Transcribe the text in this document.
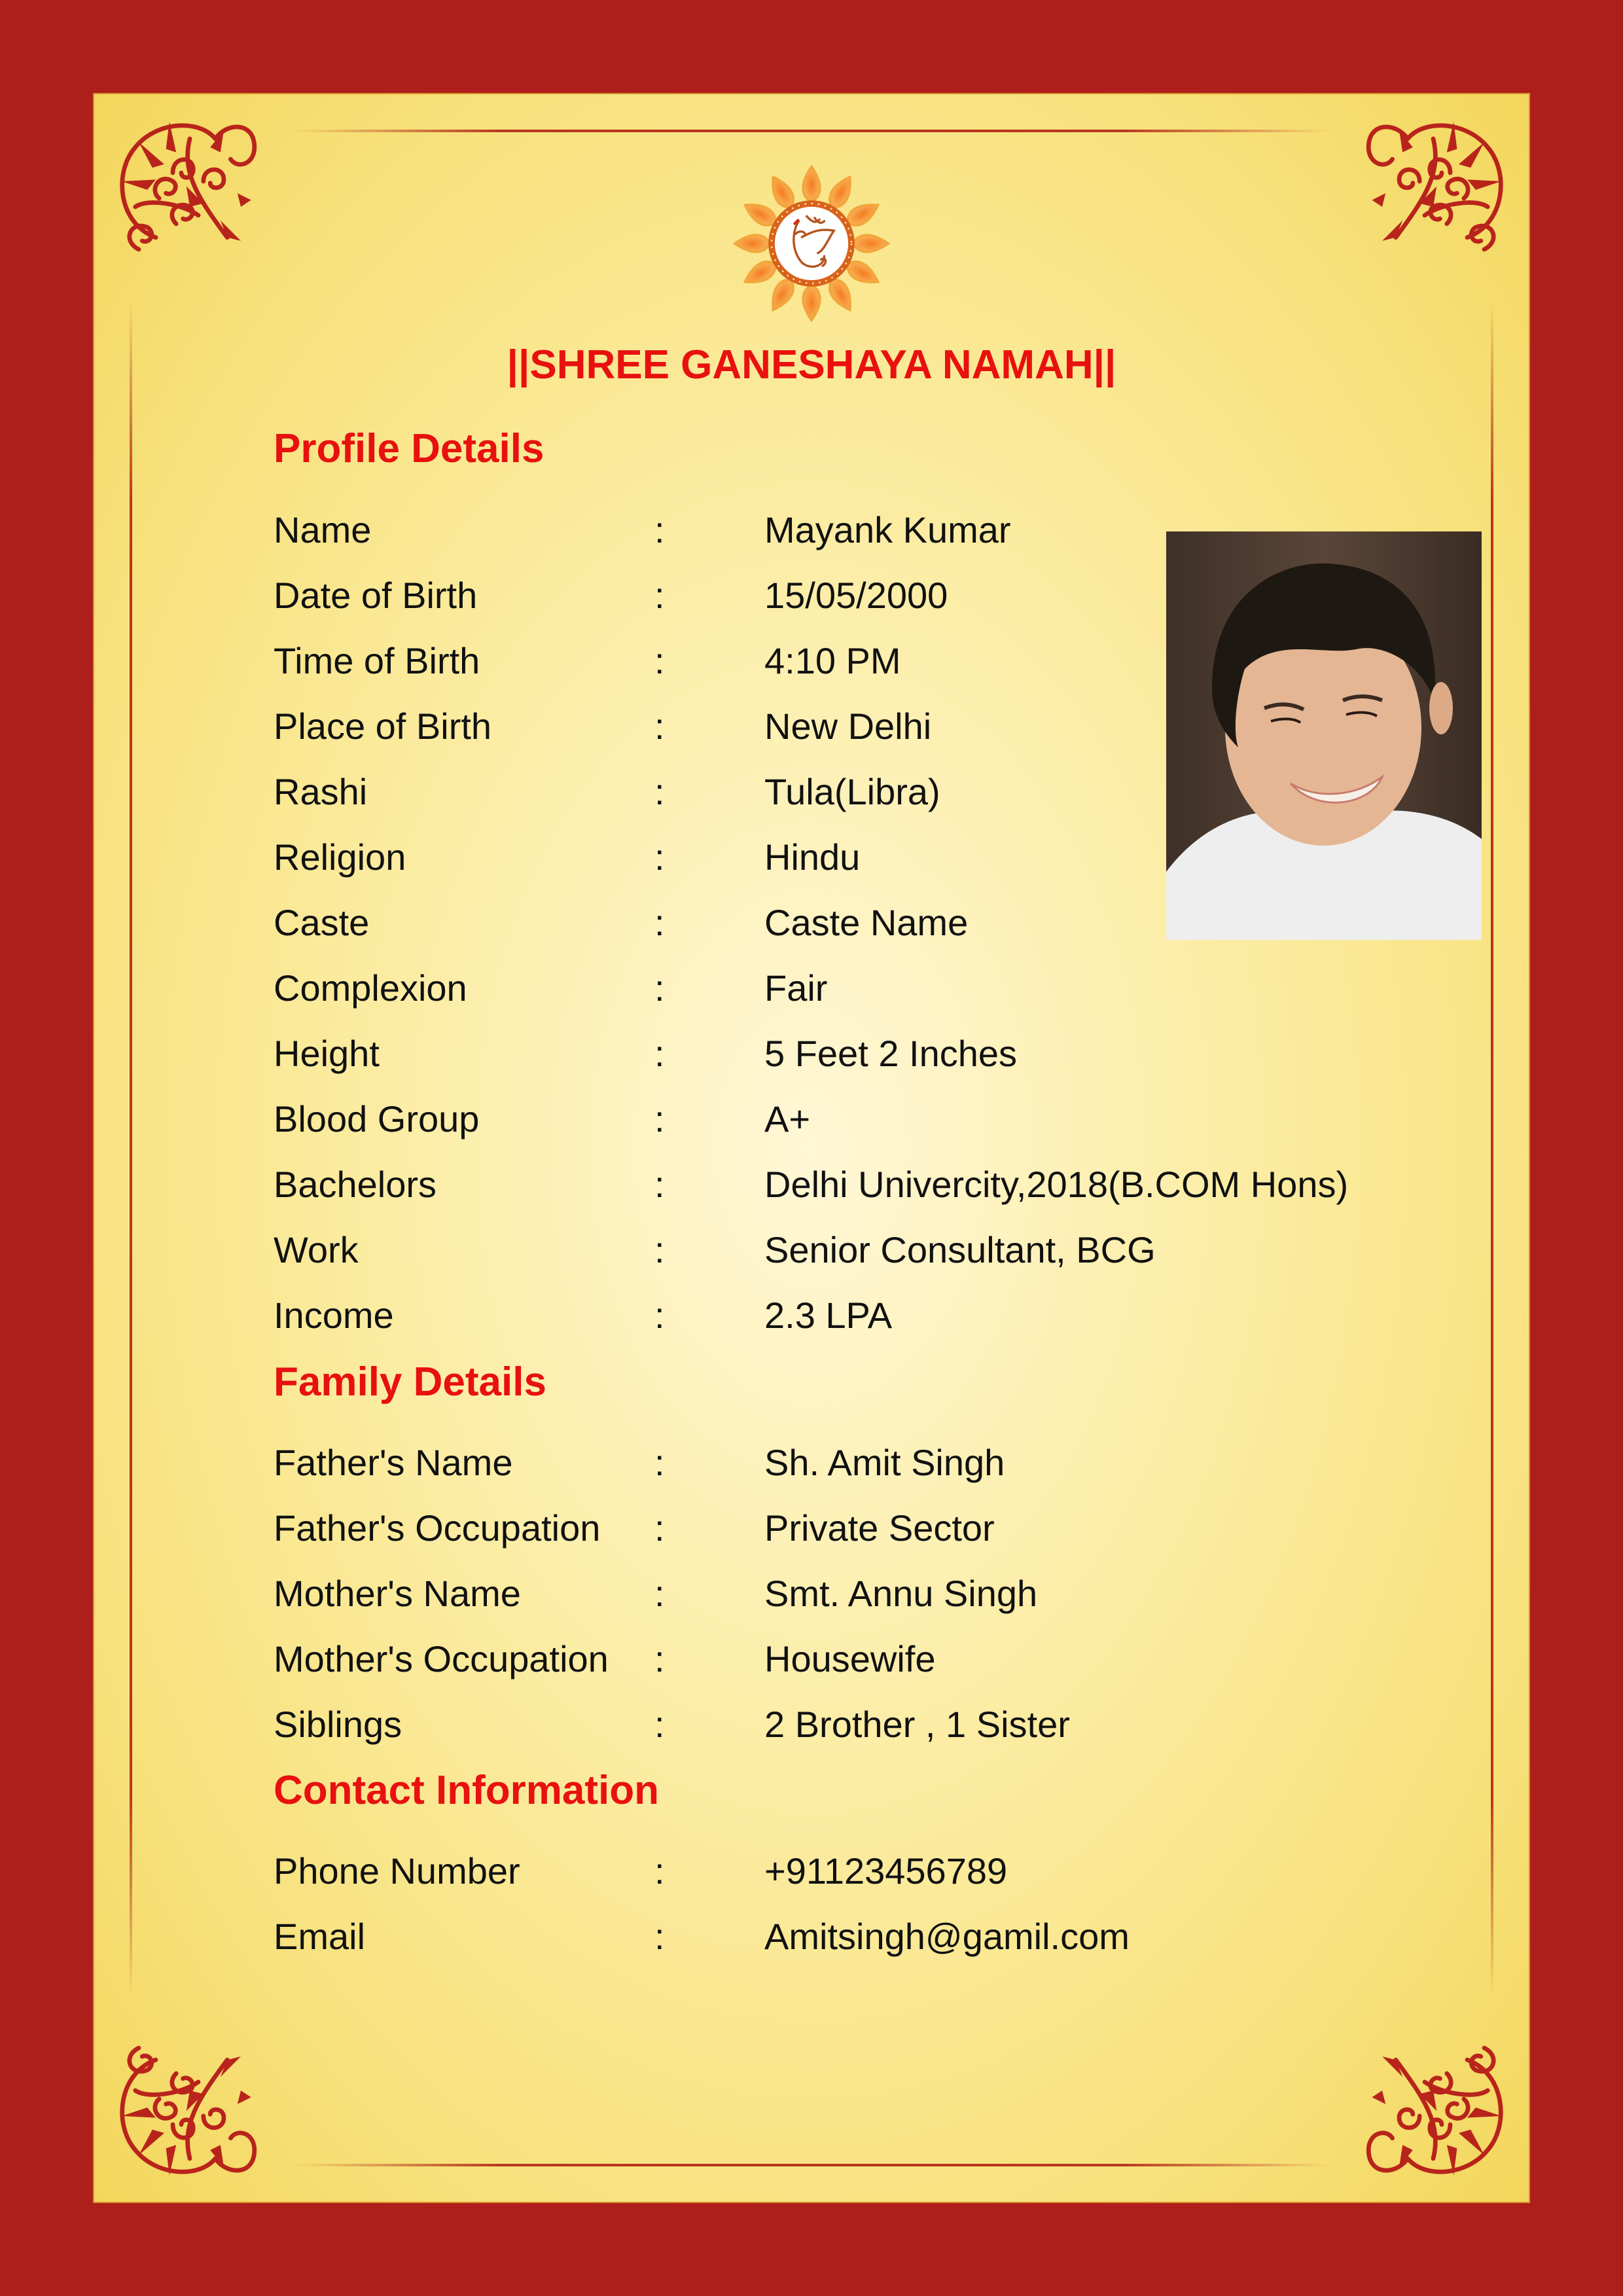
||SHREE GANESHAYA NAMAH||
Profile Details
Name	:	Mayank Kumar
Date of Birth	:	15/05/2000
Time of Birth	:	4:10 PM
Place of Birth	:	New Delhi
Rashi	:	Tula(Libra)
Religion	:	Hindu
Caste	:	Caste Name
Complexion	:	Fair
Height	:	5 Feet 2 Inches
Blood Group	:	A+
Bachelors	:	Delhi Univercity,2018(B.COM Hons)
Work	:	Senior Consultant, BCG
Income	:	2.3 LPA
Family Details
Father's Name	:	Sh. Amit Singh
Father's Occupation :	Private Sector
Mother's Name	:	Smt. Annu Singh
Mother's Occupation :	Housewife
Siblings	:	2 Brother , 1 Sister
Contact Information
Phone Number	:	+91123456789
Email	:	Amitsingh@gamil.com
